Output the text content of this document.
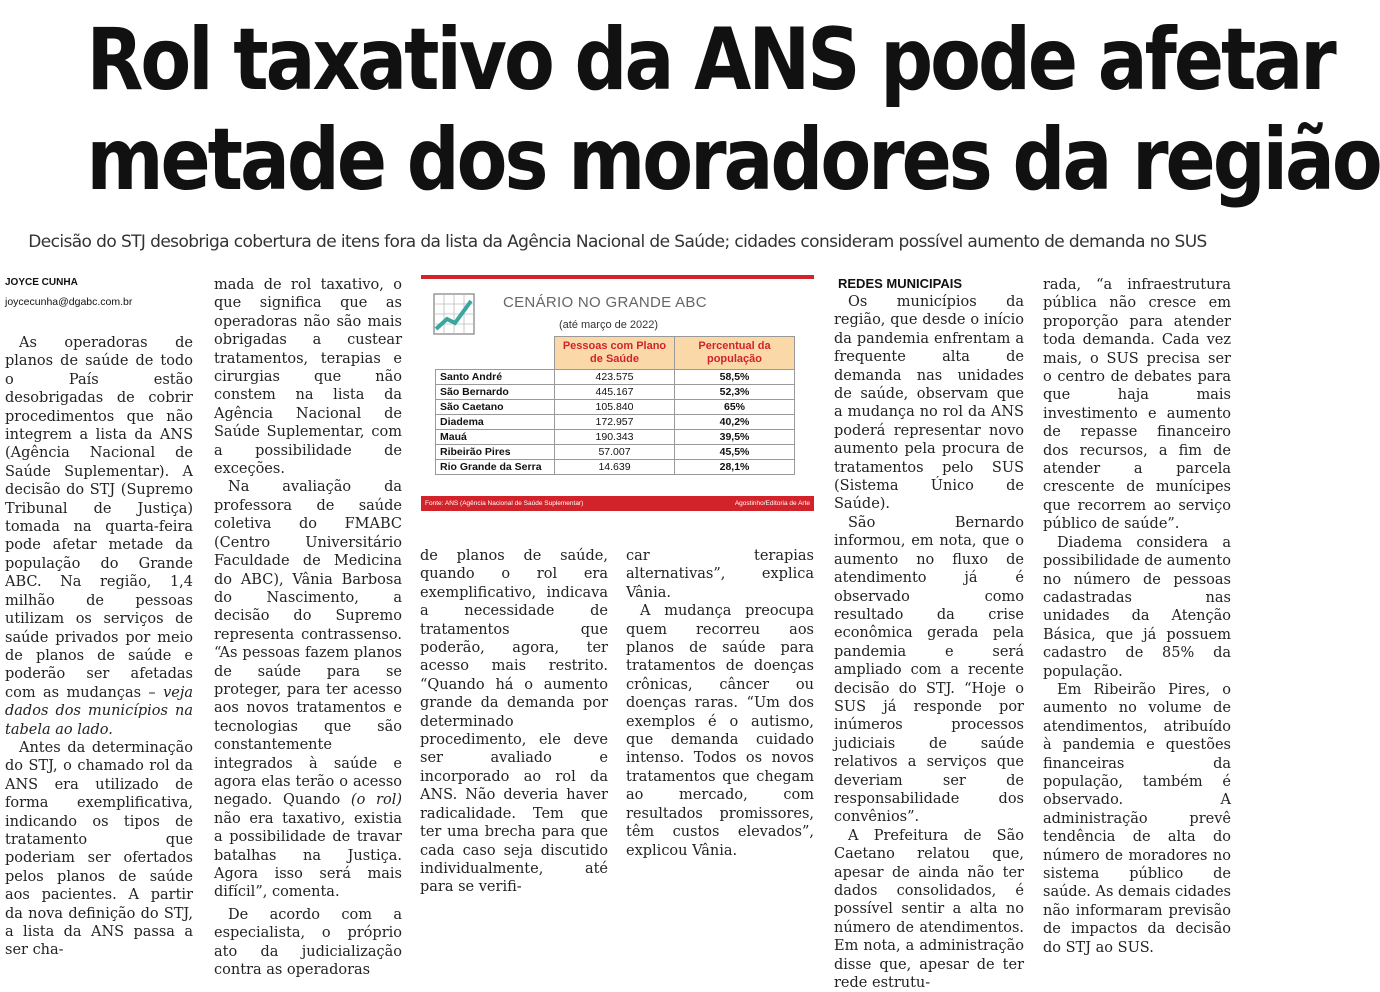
Rol taxativo da ANS pode afetar
metade dos moradores da região
Decisão do STJ desobriga cobertura de itens fora da lista da Agência Nacional de Saúde; cidades consideram possível aumento de demanda no SUS
JOYCE CUNHA
joycecunha@dgabc.com.br

As operadoras de planos de saúde de todo o País estão desobrigadas de cobrir procedimentos que não integrem a lista da ANS (Agência Nacional de Saúde Suplementar). A decisão do STJ (Supremo Tribunal de Justiça) tomada na quarta-feira pode afetar metade da população do Grande ABC. Na região, 1,4 milhão de pessoas utilizam os serviços de saúde privados por meio de planos de saúde e poderão ser afetadas com as mudanças – veja dados dos municípios na tabela ao lado.

Antes da determinação do STJ, o chamado rol da ANS era utilizado de forma exemplificativa, indicando os tipos de tratamento que poderiam ser ofertados pelos planos de saúde aos pacientes. A partir da nova definição do STJ, a lista da ANS passa a ser cha-

mada de rol taxativo, o que significa que as operadoras não são mais obrigadas a custear tratamentos, terapias e cirurgias que não constem na lista da Agência Nacional de Saúde Suplementar, com a possibilidade de exceções.

Na avaliação da professora de saúde coletiva do FMABC (Centro Universitário Faculdade de Medicina do ABC), Vânia Barbosa do Nascimento, a decisão do Supremo representa contrassenso. “As pessoas fazem planos de saúde para se proteger, para ter acesso aos novos tratamentos e tecnologias que são constantemente integrados à saúde e agora elas terão o acesso negado. Quando (o rol) não era taxativo, existia a possibilidade de travar batalhas na Justiça. Agora isso será mais difícil”, comenta.

De acordo com a especialista, o próprio ato da judicialização contra as operadoras

CENÁRIO NO GRANDE ABC
(até março de 2022)
	Pessoas com Plano de Saúde	Percentual da população
Santo André	423.575	58,5%
São Bernardo	445.167	52,3%
São Caetano	105.840	65%
Diadema	172.957	40,2%
Mauá	190.343	39,5%
Ribeirão Pires	57.007	45,5%
Rio Grande da Serra	14.639	28,1%
Fonte: ANS (Agência Nacional de Saúde Suplementar)	Agostinho/Editoria de Arte

de planos de saúde, quando o rol era exemplificativo, indicava a necessidade de tratamentos que poderão, agora, ter acesso mais restrito. “Quando há o aumento grande da demanda por determinado procedimento, ele deve ser avaliado e incorporado ao rol da ANS. Não deveria haver radicalidade. Tem que ter uma brecha para que cada caso seja discutido individualmente, até para se verifi-

car terapias alternativas”, explica Vânia.

A mudança preocupa quem recorreu aos planos de saúde para tratamentos de doenças crônicas, câncer ou doenças raras. “Um dos exemplos é o autismo, que demanda cuidado intenso. Todos os novos tratamentos que chegam ao mercado, com resultados promissores, têm custos elevados”, explicou Vânia.

REDES MUNICIPAIS

Os municípios da região, que desde o início da pandemia enfrentam a frequente alta de demanda nas unidades de saúde, observam que a mudança no rol da ANS poderá representar novo aumento pela procura de tratamentos pelo SUS (Sistema Único de Saúde).

São Bernardo informou, em nota, que o aumento no fluxo de atendimento já é observado como resultado da crise econômica gerada pela pandemia e será ampliado com a recente decisão do STJ. “Hoje o SUS já responde por inúmeros processos judiciais de saúde relativos a serviços que deveriam ser de responsabilidade dos convênios”.

A Prefeitura de São Caetano relatou que, apesar de ainda não ter dados consolidados, é possível sentir a alta no número de atendimentos. Em nota, a administração disse que, apesar de ter rede estrutu-

rada, “a infraestrutura pública não cresce em proporção para atender toda demanda. Cada vez mais, o SUS precisa ser o centro de debates para que haja mais investimento e aumento de repasse financeiro dos recursos, a fim de atender a parcela crescente de munícipes que recorrem ao serviço público de saúde”.

Diadema considera a possibilidade de aumento no número de pessoas cadastradas nas unidades da Atenção Básica, que já possuem cadastro de 85% da população.

Em Ribeirão Pires, o aumento no volume de atendimentos, atribuído à pandemia e questões financeiras da população, também é observado. A administração prevê tendência de alta do número de moradores no sistema público de saúde. As demais cidades não informaram previsão de impactos da decisão do STJ ao SUS.
